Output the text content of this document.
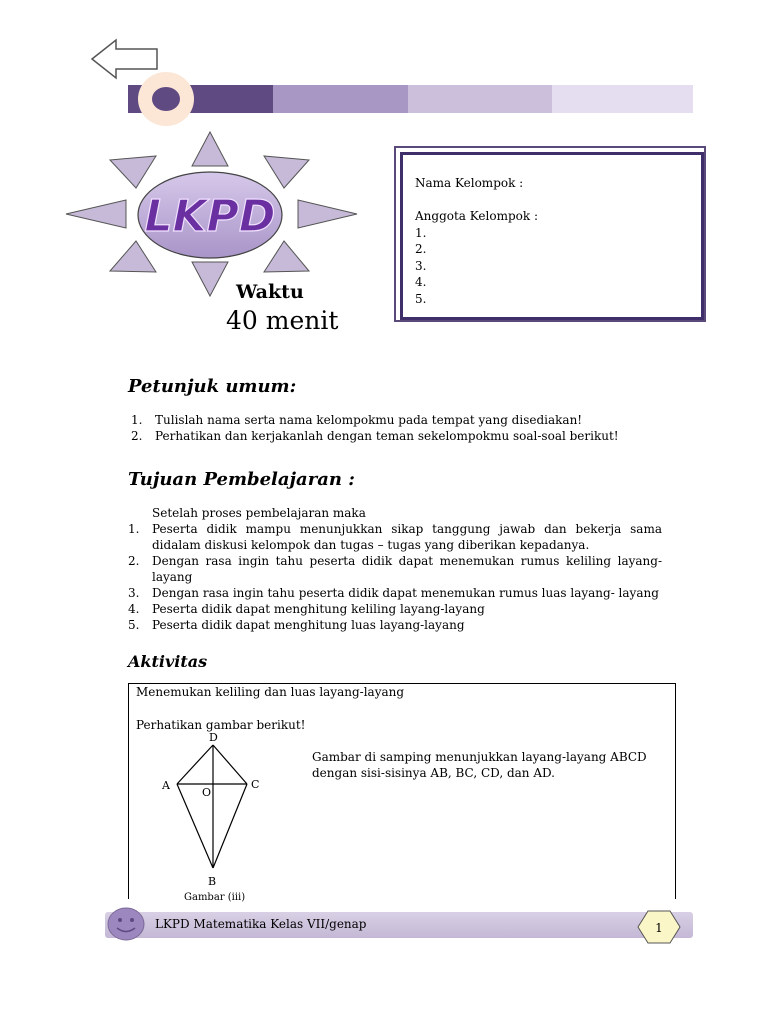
LKPD
Waktu
40 menit
Nama Kelompok :
Anggota Kelompok :
1.
2.
3.
4.
5.
Petunjuk umum:
1. Tulislah nama serta nama kelompokmu pada tempat yang disediakan!
2. Perhatikan dan kerjakanlah dengan teman sekelompokmu soal-soal berikut!
Tujuan Pembelajaran :
Setelah proses pembelajaran maka
1. Peserta didik mampu menunjukkan sikap tanggung jawab dan bekerja sama didalam diskusi kelompok dan tugas – tugas yang diberikan kepadanya.
2. Dengan rasa ingin tahu peserta didik dapat menemukan rumus keliling layang-layang
3. Dengan rasa ingin tahu peserta didik dapat menemukan rumus luas layang- layang
4. Peserta didik dapat menghitung keliling layang-layang
5. Peserta didik dapat menghitung luas layang-layang
Aktivitas
Menemukan keliling dan luas layang-layang
Perhatikan gambar berikut!
Gambar di samping menunjukkan layang-layang ABCD dengan sisi-sisinya AB, BC, CD, dan AD.
D
A	C
O
B
Gambar (iii)
LKPD Matematika Kelas VII/genap	1
